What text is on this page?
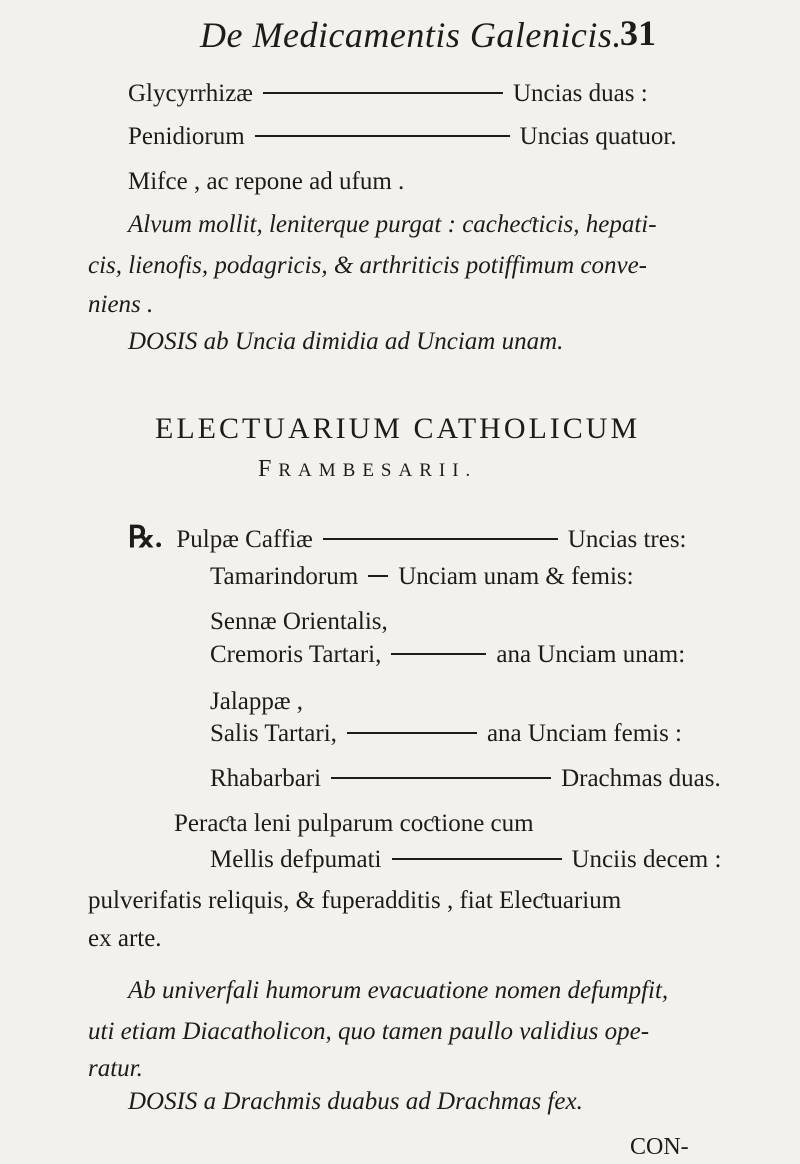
De Medicamentis Galenicis.
31
Glycyrrhizæ	Uncias duas :
Penidiorum	Uncias quatuor.
Mifce , ac repone ad ufum .
Alvum mollit, leniterque purgat : cacheƈticis, hepati-
cis, lienofis, podagricis, & arthriticis potiffimum conve-
niens .
DOSIS ab Uncia dimidia ad Unciam unam.
ELECTUARIUM CATHOLICUM
FRAMBESARII.
℞. Pulpæ Caffiæ	Uncias tres:
Tamarindorum Unciam unam & femis:
Sennæ Orientalis,
Cremoris Tartari,	ana Unciam unam:
Jalappæ ,
Salis Tartari,	ana Unciam femis :
Rhabarbari	Drachmas duas.
Peraƈta leni pulparum coƈtione cum
Mellis defpumati	Unciis decem :
pulverifatis reliquis, & fuperadditis , fiat Eleƈtuarium
ex arte.
Ab univerfali humorum evacuatione nomen defumpfit,
uti etiam Diacatholicon, quo tamen paullo validius ope-
ratur.
DOSIS a Drachmis duabus ad Drachmas fex.
CON-
